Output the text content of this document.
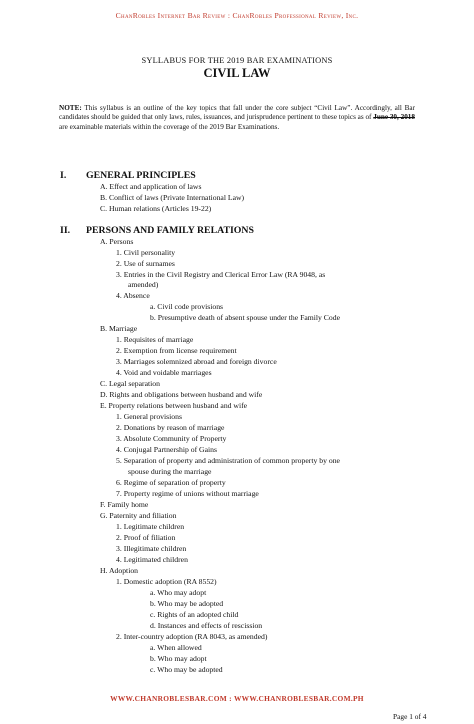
ChanRobles Internet Bar Review : ChanRobles Professional Review, Inc.
SYLLABUS FOR THE 2019 BAR EXAMINATIONS
CIVIL LAW
NOTE: This syllabus is an outline of the key topics that fall under the core subject “Civil Law”. Accordingly, all Bar candidates should be guided that only laws, rules, issuances, and jurisprudence pertinent to these topics as of June 30, 2018 are examinable materials within the coverage of the 2019 Bar Examinations.
I. GENERAL PRINCIPLES
A. Effect and application of laws
B. Conflict of laws (Private International Law)
C. Human relations (Articles 19-22)
II. PERSONS AND FAMILY RELATIONS
A. Persons
1. Civil personality
2. Use of surnames
3. Entries in the Civil Registry and Clerical Error Law (RA 9048, as
amended)
4. Absence
a. Civil code provisions
b. Presumptive death of absent spouse under the Family Code
B. Marriage
1. Requisites of marriage
2. Exemption from license requirement
3. Marriages solemnized abroad and foreign divorce
4. Void and voidable marriages
C. Legal separation
D. Rights and obligations between husband and wife
E. Property relations between husband and wife
1. General provisions
2. Donations by reason of marriage
3. Absolute Community of Property
4. Conjugal Partnership of Gains
5. Separation of property and administration of common property by one
spouse during the marriage
6. Regime of separation of property
7. Property regime of unions without marriage
F. Family home
G. Paternity and filiation
1. Legitimate children
2. Proof of filiation
3. Illegitimate children
4. Legitimated children
H. Adoption
1. Domestic adoption (RA 8552)
a. Who may adopt
b. Who may be adopted
c. Rights of an adopted child
d. Instances and effects of rescission
2. Inter-country adoption (RA 8043, as amended)
a. When allowed
b. Who may adopt
c. Who may be adopted
WWW.CHANROBLESBAR.COM : WWW.CHANROBLESBAR.COM.PH
Page 1 of 4
